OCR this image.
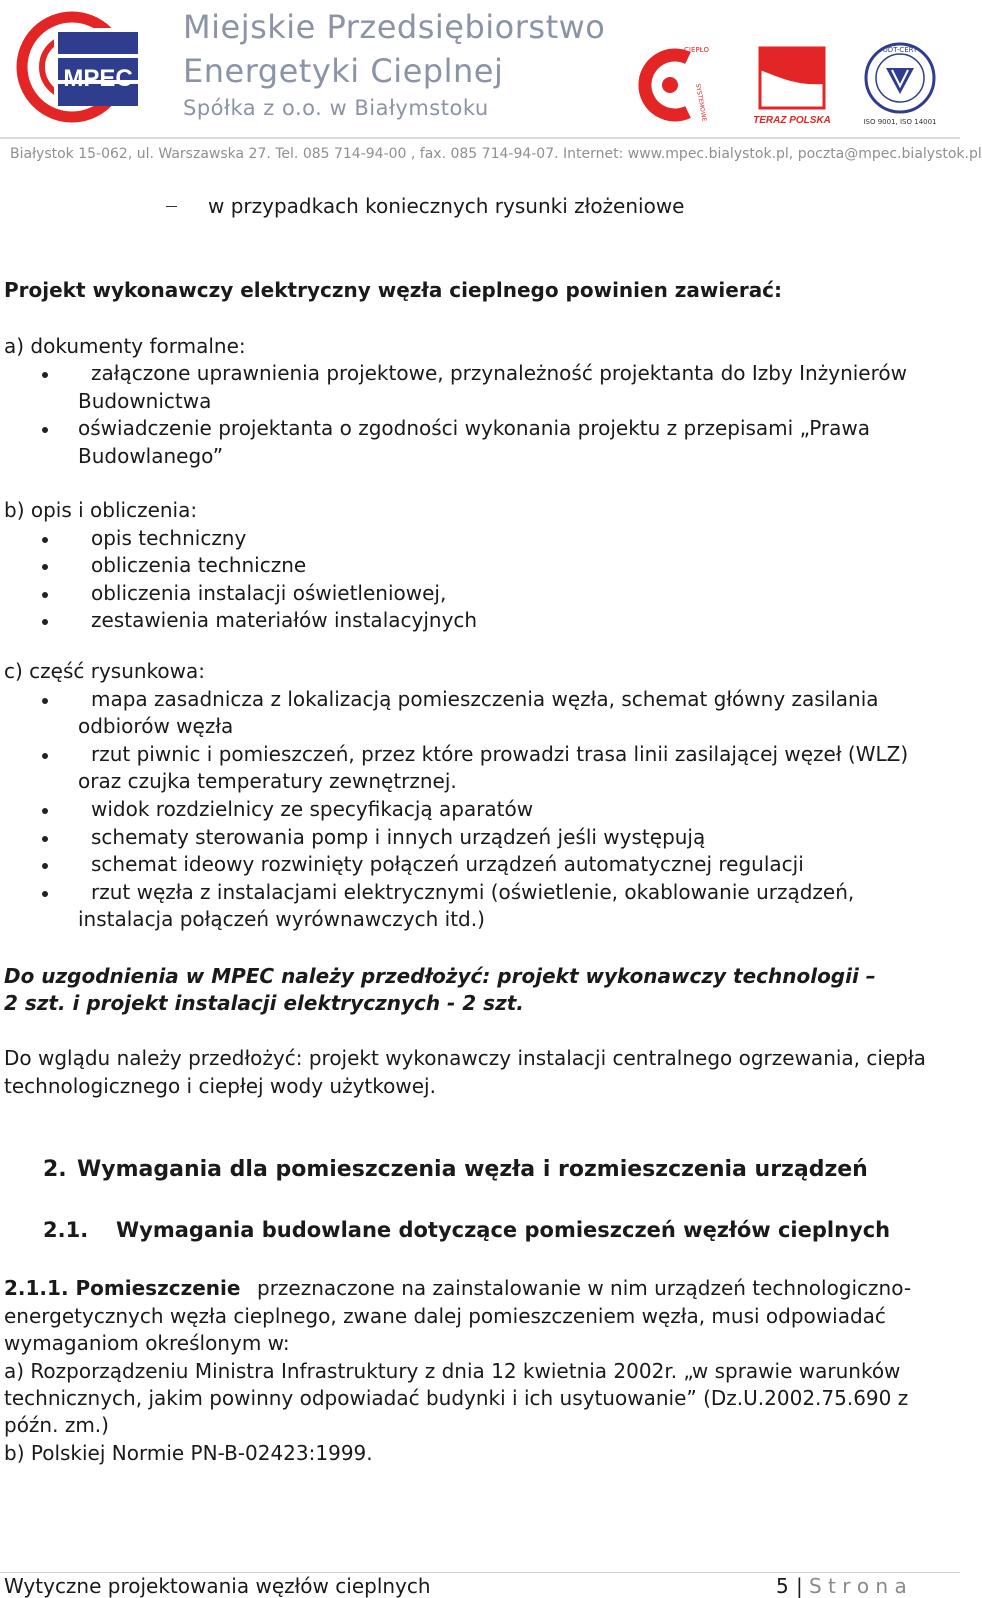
MPEC
Miejskie Przedsiębiorstwo
Energetyki Cieplnej
Spółka z o.o. w Białymstoku
CIEPŁO
SYSTEMOWE	TERAZ POLSKA
UDT-CERT
ISO 9001, ISO 14001
Białystok 15-062, ul. Warszawska 27. Tel. 085 714-94-00 , fax. 085 714-94-07. Internet: www.mpec.bialystok.pl, poczta@mpec.bialystok.pl
w przypadkach koniecznych rysunki złożeniowe
Projekt wykonawczy elektryczny węzła cieplnego powinien zawierać:
a) dokumenty formalne:
załączone uprawnienia projektowe, przynależność projektanta do Izby Inżynierów
Budownictwa
oświadczenie projektanta o zgodności wykonania projektu z przepisami „Prawa
Budowlanego”
b) opis i obliczenia:
opis techniczny
obliczenia techniczne
obliczenia instalacji oświetleniowej,
zestawienia materiałów instalacyjnych
c) część rysunkowa:
mapa zasadnicza z lokalizacją pomieszczenia węzła, schemat główny zasilania
odbiorów węzła
rzut piwnic i pomieszczeń, przez które prowadzi trasa linii zasilającej węzeł (WLZ)
oraz czujka temperatury zewnętrznej.
widok rozdzielnicy ze specyfikacją aparatów
schematy sterowania pomp i innych urządzeń jeśli występują
schemat ideowy rozwinięty połączeń urządzeń automatycznej regulacji
rzut węzła z instalacjami elektrycznymi (oświetlenie, okablowanie urządzeń,
instalacja połączeń wyrównawczych itd.)
Do uzgodnienia w MPEC należy przedłożyć: projekt wykonawczy technologii –
2 szt. i projekt instalacji elektrycznych - 2 szt.
Do wglądu należy przedłożyć: projekt wykonawczy instalacji centralnego ogrzewania, ciepła
technologicznego i ciepłej wody użytkowej.
2. Wymagania dla pomieszczenia węzła i rozmieszczenia urządzeń
2.1. Wymagania budowlane dotyczące pomieszczeń węzłów cieplnych
2.1.1. Pomieszczenie przeznaczone na zainstalowanie w nim urządzeń technologiczno-
energetycznych węzła cieplnego, zwane dalej pomieszczeniem węzła, musi odpowiadać
wymaganiom określonym w:
a) Rozporządzeniu Ministra Infrastruktury z dnia 12 kwietnia 2002r. „w sprawie warunków
technicznych, jakim powinny odpowiadać budynki i ich usytuowanie” (Dz.U.2002.75.690 z
późn. zm.)
b) Polskiej Normie PN-B-02423:1999.
Wytyczne projektowania węzłów cieplnych	5 | S t r o n a
